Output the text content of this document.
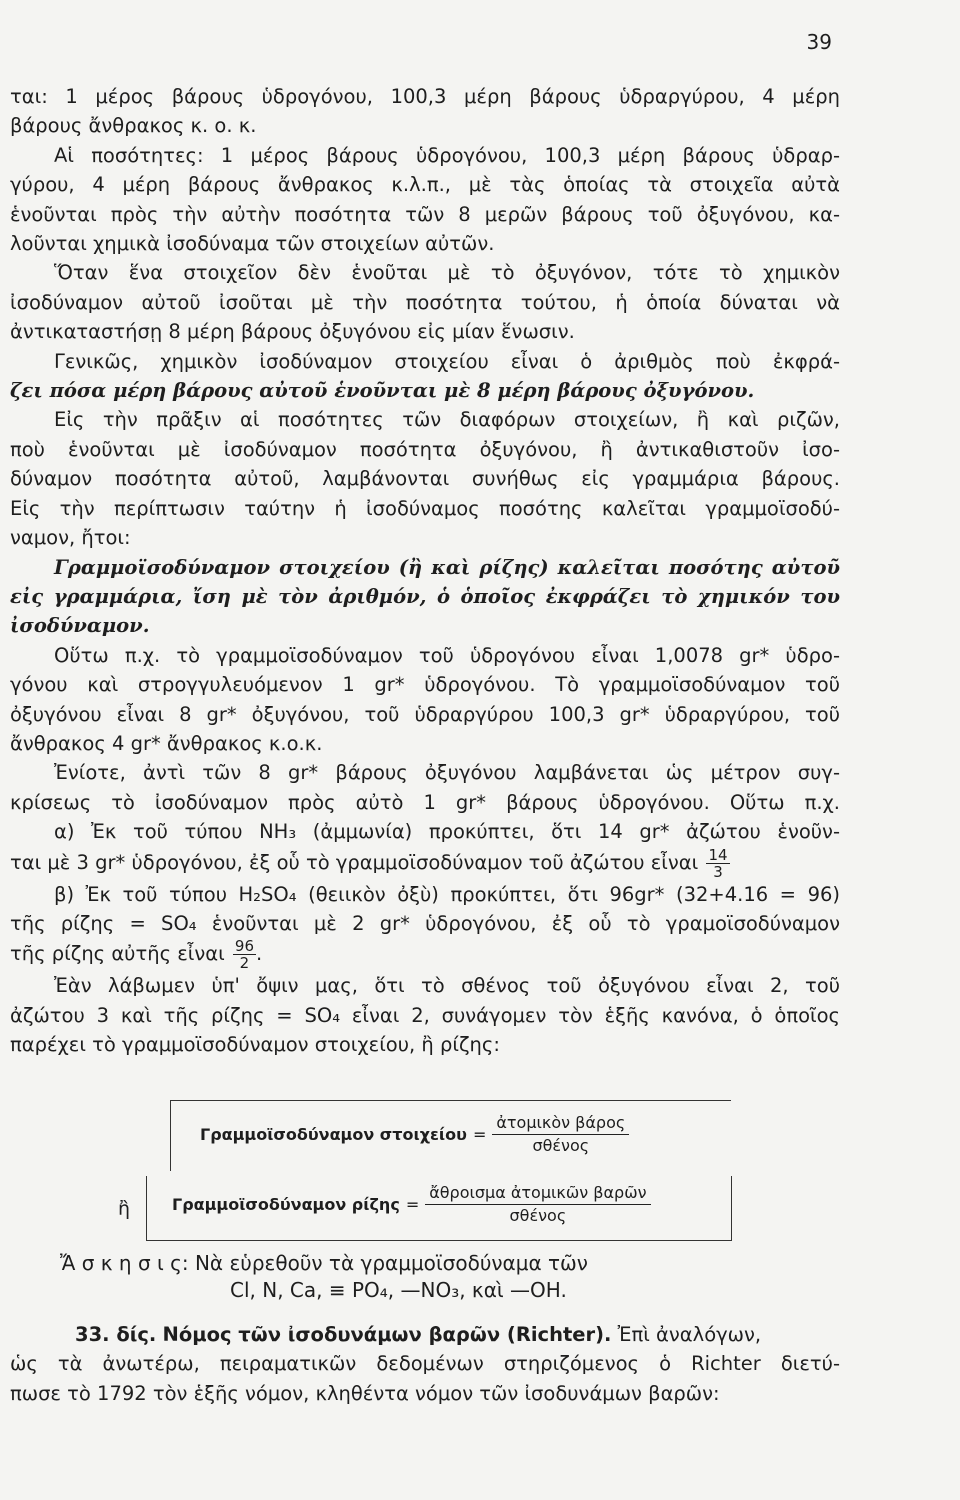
39
ται: 1 μέρος βάρους ὑδρογόνου, 100,3 μέρη βάρους ὑδραργύρου, 4 μέρη
βάρους ἄνθρακος κ. ο. κ.
Αἱ ποσότητες: 1 μέρος βάρους ὑδρογόνου, 100,3 μέρη βάρους ὑδραρ-
γύρου, 4 μέρη βάρους ἄνθρακος κ.λ.π., μὲ τὰς ὁποίας τὰ στοιχεῖα αὐτὰ
ἑνοῦνται πρὸς τὴν αὐτὴν ποσότητα τῶν 8 μερῶν βάρους τοῦ ὀξυγόνου, κα-
λοῦνται χημικὰ ἰσοδύναμα τῶν στοιχείων αὐτῶν.
Ὅταν ἕνα στοιχεῖον δὲν ἑνοῦται μὲ τὸ ὀξυγόνον, τότε τὸ χημικὸν
ἰσοδύναμον αὐτοῦ ἰσοῦται μὲ τὴν ποσότητα τούτου, ἡ ὁποία δύναται νὰ
ἀντικαταστήσῃ 8 μέρη βάρους ὀξυγόνου εἰς μίαν ἕνωσιν.
Γενικῶς, χημικὸν ἰσοδύναμον στοιχείου εἶναι ὁ ἀριθμὸς ποὺ ἐκφρά-
ζει πόσα μέρη βάρους αὐτοῦ ἑνοῦνται μὲ 8 μέρη βάρους ὀξυγόνου.
Εἰς τὴν πρᾶξιν αἱ ποσότητες τῶν διαφόρων στοιχείων, ἢ καὶ ριζῶν,
ποὺ ἑνοῦνται μὲ ἰσοδύναμον ποσότητα ὀξυγόνου, ἢ ἀντικαθιστοῦν ἰσο-
δύναμον ποσότητα αὐτοῦ, λαμβάνονται συνήθως εἰς γραμμάρια βάρους.
Εἰς τὴν περίπτωσιν ταύτην ἡ ἰσοδύναμος ποσότης καλεῖται γραμμοϊσοδύ-
ναμον, ἤτοι:
Γραμμοϊσοδύναμον στοιχείου (ἢ καὶ ρίζης) καλεῖται ποσότης αὐτοῦ
εἰς γραμμάρια, ἴση μὲ τὸν ἀριθμόν, ὁ ὁποῖος ἐκφράζει τὸ χημικόν του
ἰσοδύναμον.
Οὕτω π.χ. τὸ γραμμοϊσοδύναμον τοῦ ὑδρογόνου εἶναι 1,0078 gr* ὑδρο-
γόνου καὶ στρογγυλευόμενον 1 gr* ὑδρογόνου. Τὸ γραμμοϊσοδύναμον τοῦ
ὀξυγόνου εἶναι 8 gr* ὀξυγόνου, τοῦ ὑδραργύρου 100,3 gr* ὑδραργύρου, τοῦ
ἄνθρακος 4 gr* ἄνθρακος κ.ο.κ.
Ἐνίοτε, ἀντὶ τῶν 8 gr* βάρους ὀξυγόνου λαμβάνεται ὡς μέτρον συγ-
κρίσεως τὸ ἰσοδύναμον πρὸς αὐτὸ 1 gr* βάρους ὑδρογόνου. Οὕτω π.χ.
α) Ἐκ τοῦ τύπου NH₃ (ἀμμωνία) προκύπτει, ὅτι 14 gr* ἀζώτου ἑνοῦν-
ται μὲ 3 gr* ὑδρογόνου, ἐξ οὗ τὸ γραμμοϊσοδύναμον τοῦ ἀζώτου εἶναι $\frac{14}{3}$
β) Ἐκ τοῦ τύπου H₂SO₄ (θειικὸν ὀξὺ) προκύπτει, ὅτι 96gr* (32+4.16 = 96)
τῆς ρίζης = SO₄ ἑνοῦνται μὲ 2 gr* ὑδρογόνου, ἐξ οὗ τὸ γραμοϊσοδύναμον
τῆς ρίζης αὐτῆς εἶναι $\frac{96}{2}$ .
Ἐὰν λάβωμεν ὑπ' ὄψιν μας, ὅτι τὸ σθένος τοῦ ὀξυγόνου εἶναι 2, τοῦ
ἀζώτου 3 καὶ τῆς ρίζης = SO₄ εἶναι 2, συνάγομεν τὸν ἑξῆς κανόνα, ὁ ὁποῖος
παρέχει τὸ γραμμοϊσοδύναμον στοιχείου, ἢ ρίζης:
Γραμμοϊσοδύναμον στοιχείου =
ἀτομικὸν βάρος
σθένος
ἢ	Γραμμοϊσοδύναμον ρίζης =
ἄθροισμα ἀτομικῶν βαρῶν
σθένος
Ἄ σ κ η σ ι ς: Νὰ εὑρεθοῦν τὰ γραμμοϊσοδύναμα τῶν
Cl, N, Ca, ≡ PO₄, —NO₃, καὶ —OH.
33. δίς. Νόμος τῶν ἰσοδυνάμων βαρῶν (Richter). Ἐπὶ ἀναλόγων,
ὡς τὰ ἀνωτέρω, πειραματικῶν δεδομένων στηριζόμενος ὁ Richter διετύ-
πωσε τὸ 1792 τὸν ἑξῆς νόμον, κληθέντα νόμον τῶν ἰσοδυνάμων βαρῶν:
